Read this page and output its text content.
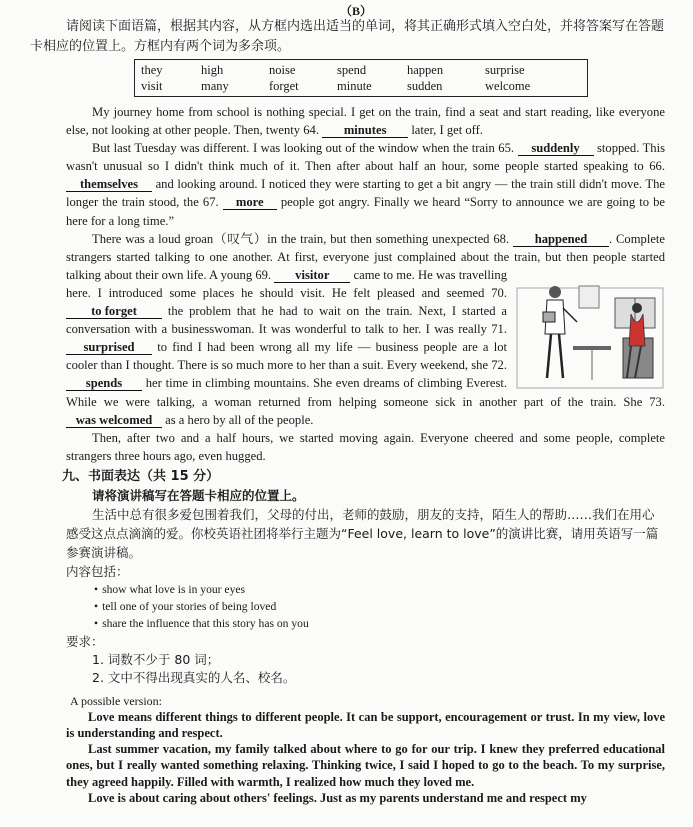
（B）

请阅读下面语篇，根据其内容，从方框内选出适当的单词，将其正确形式填入空白处，并将答案写在答题卡相应的位置上。方框内有两个词为多余项。

they	high	noise	spend	happen	surprise
visit	many	forget	minute	sudden	welcome

My journey home from school is nothing special. I get on the train, find a seat and start reading, like everyone else, not looking at other people. Then, twenty 64. minutes later, I get off.

But last Tuesday was different. I was looking out of the window when the train 65. suddenly stopped. This wasn't unusual so I didn't think much of it. Then after about half an hour, some people started speaking to 66. themselves and looking around. I noticed they were starting to get a bit angry — the train still didn't move. The longer the train stood, the 67. more people got angry. Finally we heard “Sorry to announce we are going to be here for a long time.”

There was a loud groan（叹气）in the train, but then something unexpected 68. happened . Complete strangers started talking to one another. At first, everyone just complained about the train, but then people started talking about their own life. A young 69. visitor came to me. He was travelling here. I introduced some places he should visit. He felt pleased and seemed 70. to forget the problem that he had to wait on the train. Next, I started a conversation with a businesswoman. It was wonderful to talk to her. I was really 71. surprised to find I had been wrong all my life — business people are a lot cooler than I thought. There is so much more to her than a suit. Every weekend, she 72. spends her time in climbing mountains. She even dreams of climbing Everest. While we were talking, a woman returned from helping someone sick in another part of the train. She 73. was welcomed as a hero by all of the people.

Then, after two and a half hours, we started moving again. Everyone cheered and some people, complete strangers three hours ago, even hugged.

九、书面表达（共 15 分）

请将演讲稿写在答题卡相应的位置上。

生活中总有很多爱包围着我们，父母的付出，老师的鼓励，朋友的支持，陌生人的帮助……我们在用心感受这点点滴滴的爱。你校英语社团将举行主题为“Feel love, learn to love”的演讲比赛，请用英语写一篇参赛演讲稿。

内容包括：

• show what love is in your eyes
• tell one of your stories of being loved
• share the influence that this story has on you

要求：

1. 词数不少于 80 词；
2. 文中不得出现真实的人名、校名。

A possible version:

Love means different things to different people. It can be support, encouragement or trust. In my view, love is understanding and respect.

Last summer vacation, my family talked about where to go for our trip. I knew they preferred educational ones, but I really wanted something relaxing. Thinking twice, I said I hoped to go to the beach. To my surprise, they agreed happily. Filled with warmth, I realized how much they loved me.

Love is about caring about others' feelings. Just as my parents understand me and respect my
